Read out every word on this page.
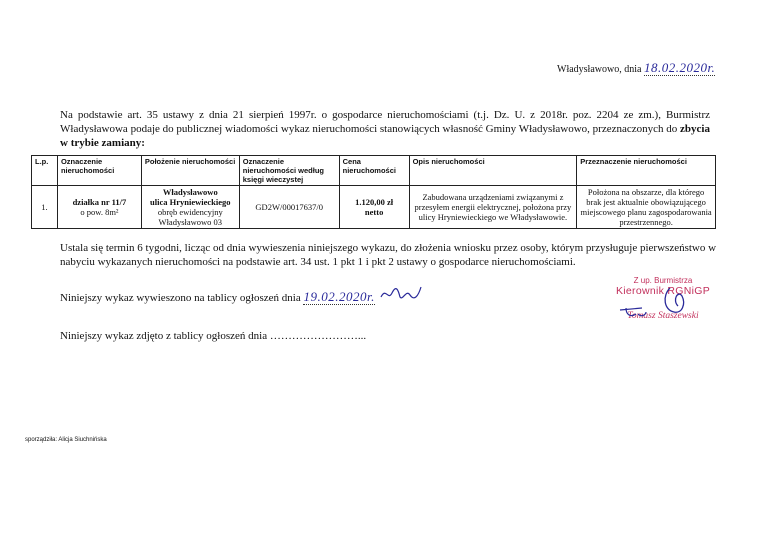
Władysławowo, dnia 18.02.2020r.
Na podstawie art. 35 ustawy z dnia 21 sierpień 1997r. o gospodarce nieruchomościami (t.j. Dz. U. z 2018r. poz. 2204 ze zm.), Burmistrz Władysławowa podaje do publicznej wiadomości wykaz nieruchomości stanowiących własność Gminy Władysławowo, przeznaczonych do zbycia w trybie zamiany:
L.p.	Oznaczenie nieruchomości	Położenie nieruchomości	Oznaczenie nieruchomości według księgi wieczystej	Cena nieruchomości	Opis nieruchomości	Przeznaczenie nieruchomości
1.	działka nr 11/7
o pow. 8m²	Władysławowo
ulica Hryniewieckiego
obręb ewidencyjny
Władysławowo 03	GD2W/00017637/0	1.120,00 zł
netto	Zabudowana urządzeniami związanymi z przesyłem energii elektrycznej, położona przy ulicy Hryniewieckiego we Władysławowie.	Położona na obszarze, dla którego brak jest aktualnie obowiązującego miejscowego planu zagospodarowania przestrzennego.
Ustala się termin 6 tygodni, licząc od dnia wywieszenia niniejszego wykazu, do złożenia wniosku przez osoby, którym przysługuje pierwszeństwo w nabyciu wykazanych nieruchomości na podstawie art. 34 ust. 1 pkt 1 i pkt 2 ustawy o gospodarce nieruchomościami.
Niniejszy wykaz wywieszono na tablicy ogłoszeń dnia 19.02.2020r.
Niniejszy wykaz zdjęto z tablicy ogłoszeń dnia ……………………...
Z up. Burmistrza
Kierownik RGNiGP
Tomasz Staszewski
sporządziła: Alicja Siuchnińska
